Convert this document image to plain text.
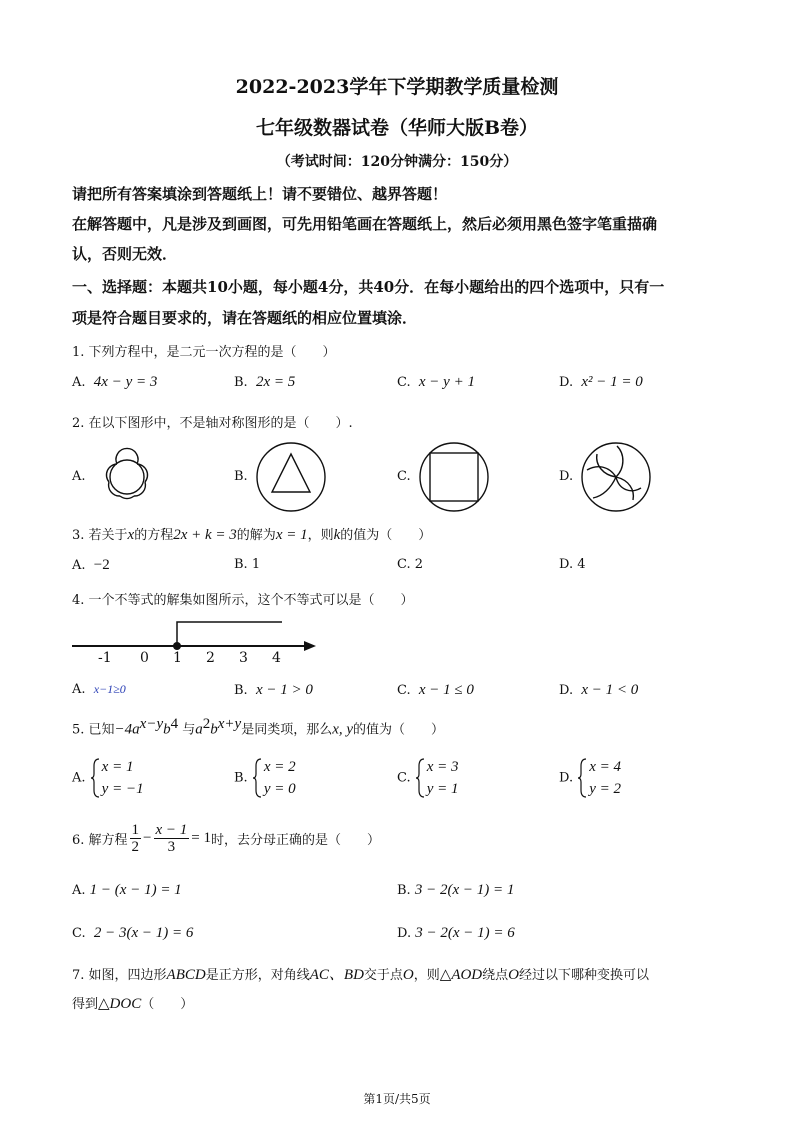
2022-2023学年下学期教学质量检测
七年级数器试卷（华师大版B卷）
（考试时间：120分钟满分：150分）
请把所有答案填涂到答题纸上！请不要错位、越界答题！
在解答题中，凡是涉及到画图，可先用铅笔画在答题纸上，然后必须用黑色签字笔重描确
认，否则无效．
一、选择题：本题共10小题，每小题4分，共40分．在每小题给出的四个选项中，只有一
项是符合题目要求的，请在答题纸的相应位置填涂．
1. 下列方程中，是二元一次方程的是（　　）
A. 4x − y = 3	B. 2x = 5	C. x − y + 1	D. x² − 1 = 0
2. 在以下图形中，不是轴对称图形的是（　　）.
A.	B.	C.	D.
3. 若关于x的方程2x + k = 3的解为x = 1，则k的值为（　　）
A. −2	B. 1	C. 2	D. 4
4. 一个不等式的解集如图所示，这个不等式可以是（　　）
-1 0 1 2 3 4
A. x−1≥0	B. x − 1 > 0	C. x − 1 ≤ 0	D. x − 1 < 0
5. 已知$-4a^{x-y}b^4$ 与$a^2b^{x+y}$是同类项，那么x, y的值为（　　）
A.
x = 1
y = −1
B.
x = 2
y = 0
C.
x = 3
y = 1
D.
x = 4
y = 2
6. 解方程 $\frac{1}{2} - \frac{x - 1}{3} = 1$时，去分母正确的是（　　）
A. 1 − (x − 1) = 1	B. 3 − 2(x − 1) = 1
C. 2 − 3(x − 1) = 6	D. 3 − 2(x − 1) = 6
7. 如图，四边形ABCD是正方形，对角线AC、BD交于点O，则△AOD绕点O经过以下哪种变换可以
得到△DOC（　　）
第1页/共5页
